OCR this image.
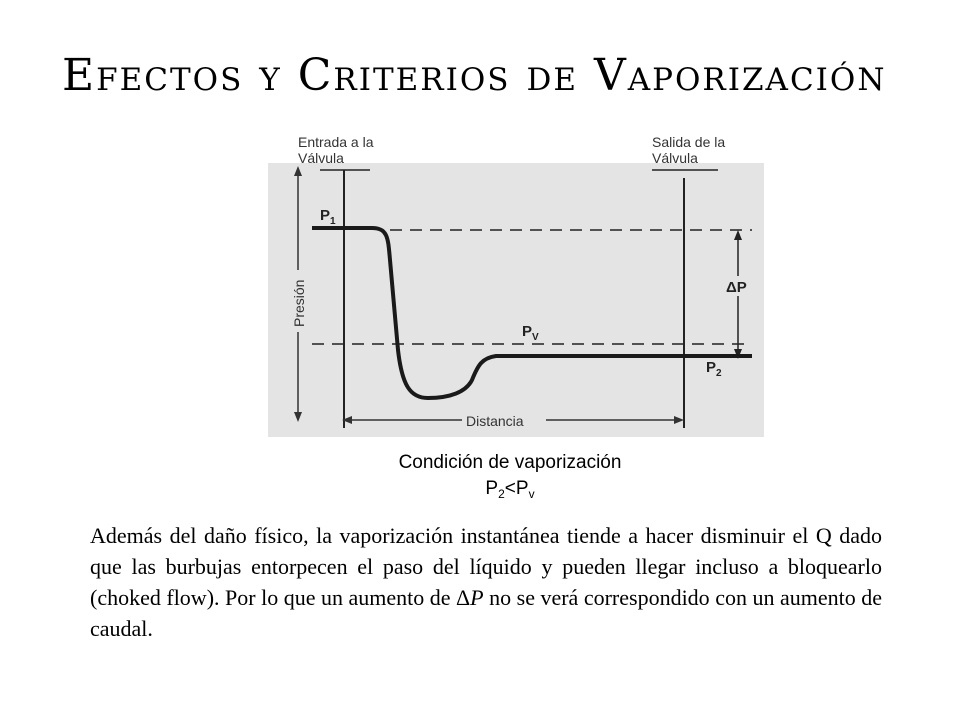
Efectos y Criterios de Vaporización
Entrada a la
Válvula
Salida de la
Válvula
Presión
Distancia
$P_1$
$P_V$
$P_2$
ΔP
Condición de vaporización
$P_2<P_v$

Además del daño físico, la vaporización instantánea tiende a hacer disminuir el Q dado que las burbujas entorpecen el paso del líquido y pueden llegar incluso a bloquearlo (choked flow). Por lo que un aumento de ΔP no se verá correspondido con un aumento de caudal.
